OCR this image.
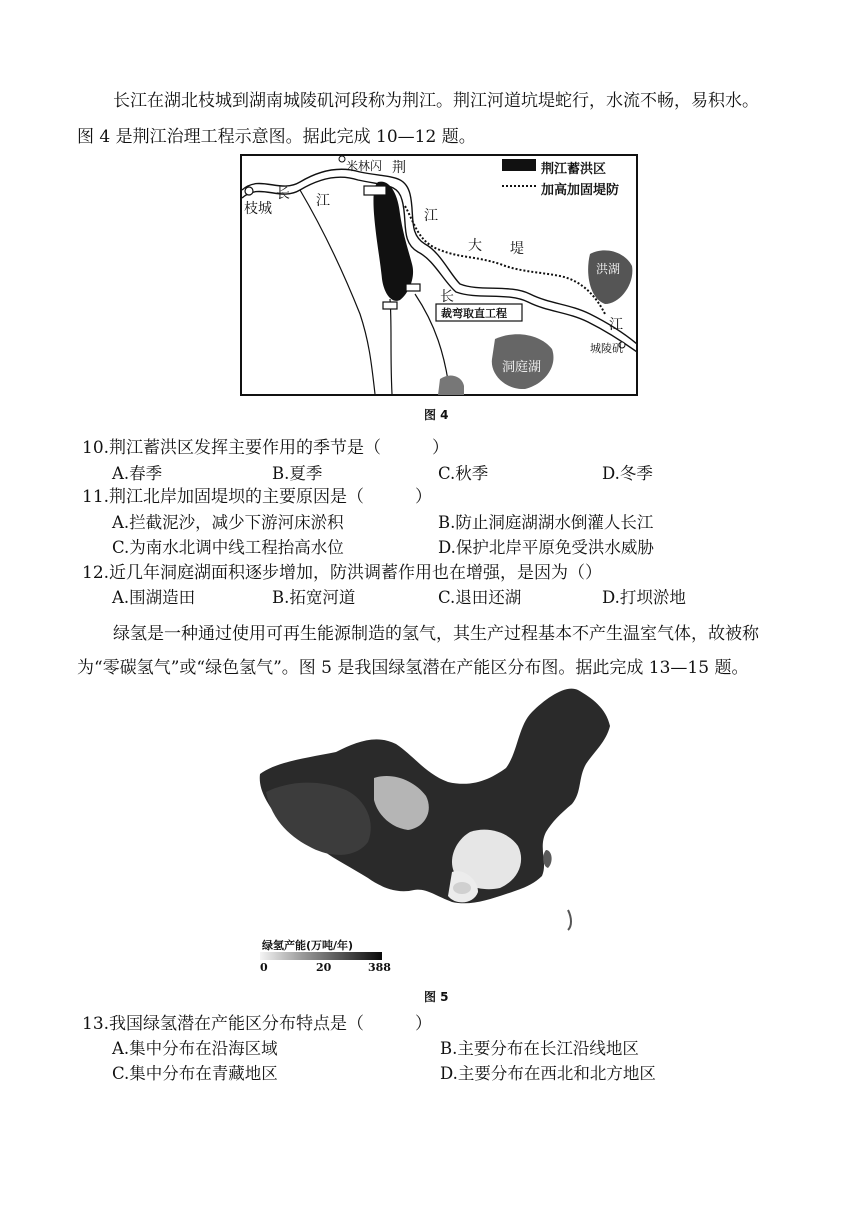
长江在湖北枝城到湖南城陵矶河段称为荆江。荆江河道坑堤蛇行，水流不畅，易积水。
图 4 是荆江治理工程示意图。据此完成 10—12 题。
荆江蓄洪区
加高加固堤防
枝城
长 江
米林闪 荆
江
大 堤
洪湖
长
江
城陵矶
洞庭湖
裁弯取直工程
图 4
10.荆江蓄洪区发挥主要作用的季节是（　　　）
A.春季	B.夏季	C.秋季	D.冬季
11.荆江北岸加固堤坝的主要原因是（　　　）
A.拦截泥沙，减少下游河床淤积	B.防止洞庭湖湖水倒灌人长江
C.为南水北调中线工程抬高水位	D.保护北岸平原免受洪水威胁
12.近几年洞庭湖面积逐步增加，防洪调蓄作用也在增强，是因为（）
A.围湖造田	B.拓宽河道	C.退田还湖	D.打坝淤地
绿氢是一种通过使用可再生能源制造的氢气，其生产过程基本不产生温室气体，故被称
为“零碳氢气”或“绿色氢气”。图 5 是我国绿氢潜在产能区分布图。据此完成 13—15 题。
绿氢产能(万吨/年)
0	20	388
图 5
13.我国绿氢潜在产能区分布特点是（　　　）
A.集中分布在沿海区域	B.主要分布在长江沿线地区
C.集中分布在青藏地区	D.主要分布在西北和北方地区
